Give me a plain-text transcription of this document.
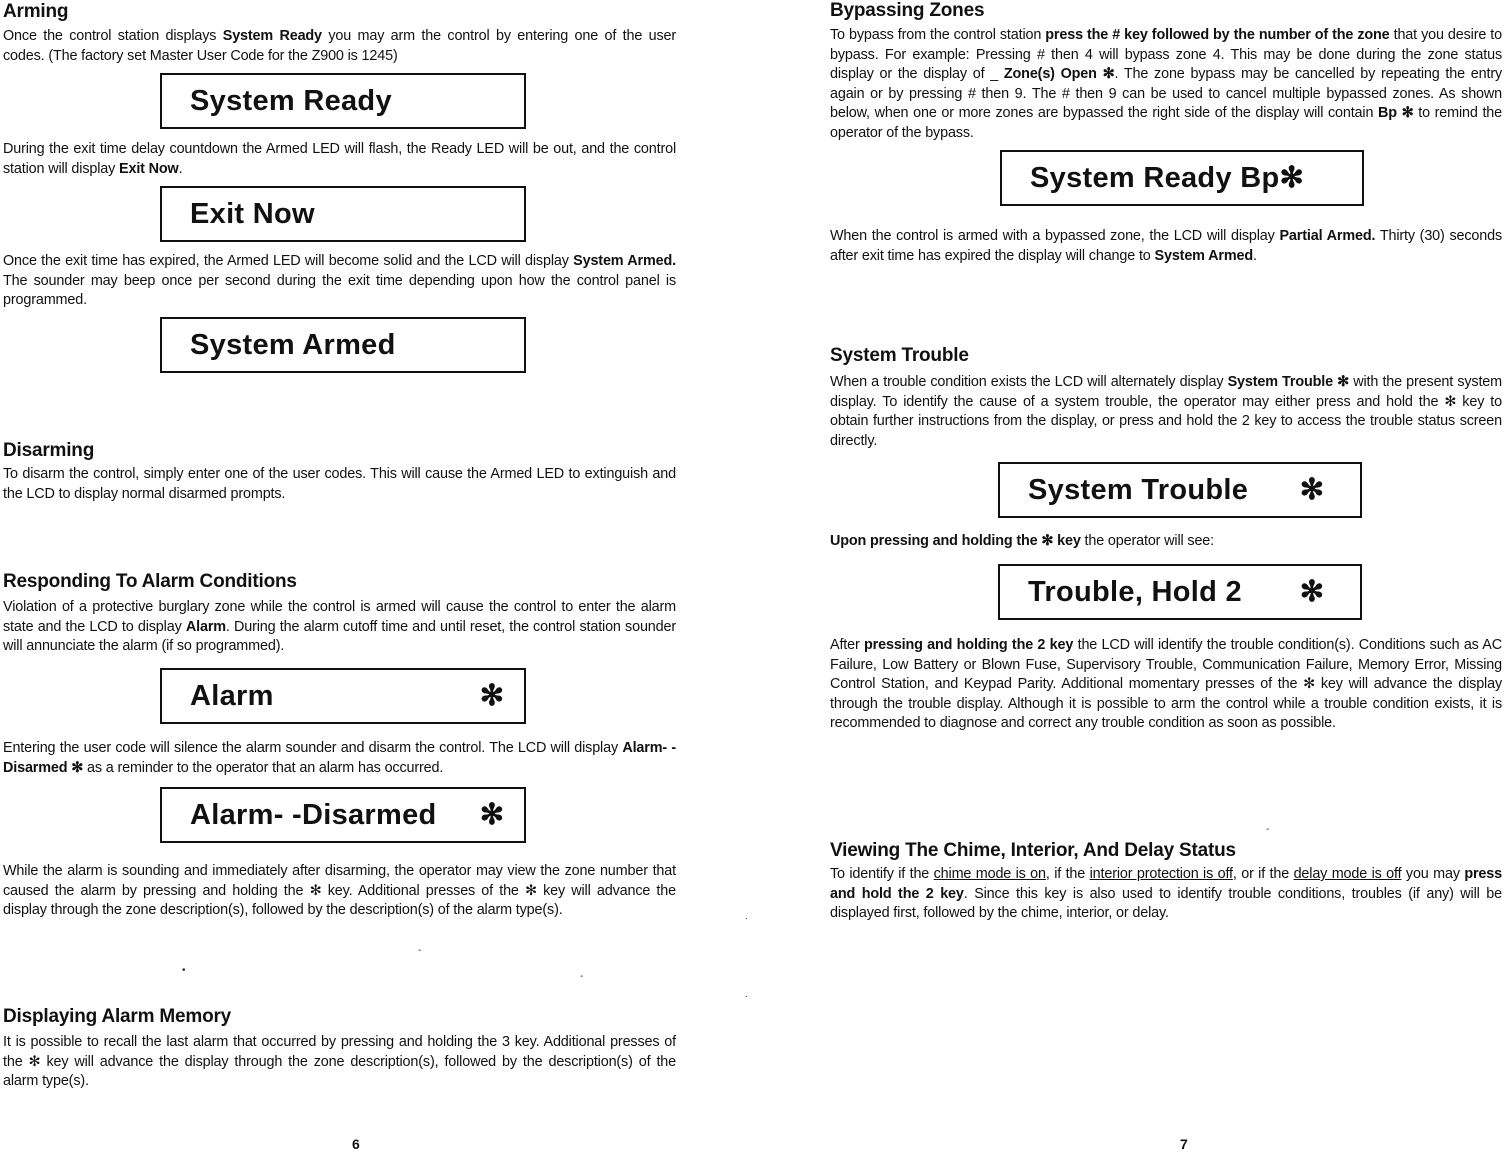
Arming

Once the control station displays System Ready you may arm the control by entering one of the user codes. (The factory set Master User Code for the Z900 is 1245)

System Ready

During the exit time delay countdown the Armed LED will flash, the Ready LED will be out, and the control station will display Exit Now.

Exit Now

Once the exit time has expired, the Armed LED will become solid and the LCD will display System Armed. The sounder may beep once per second during the exit time depending upon how the control panel is programmed.

System Armed
Disarming

To disarm the control, simply enter one of the user codes. This will cause the Armed LED to extinguish and the LCD to display normal disarmed prompts.

Responding To Alarm Conditions

Violation of a protective burglary zone while the control is armed will cause the control to enter the alarm state and the LCD to display Alarm. During the alarm cutoff time and until reset, the control station sounder will annunciate the alarm (if so programmed).

Alarm	✻

Entering the user code will silence the alarm sounder and disarm the control. The LCD will display Alarm- -Disarmed ✻ as a reminder to the operator that an alarm has occurred.

Alarm- -Disarmed ✻

While the alarm is sounding and immediately after disarming, the operator may view the zone number that caused the alarm by pressing and holding the ✻ key. Additional presses of the ✻ key will advance the display through the zone description(s), followed by the description(s) of the alarm type(s).

Displaying Alarm Memory

It is possible to recall the last alarm that occurred by pressing and holding the 3 key. Additional presses of the ✻ key will advance the display through the zone description(s), followed by the description(s) of the alarm type(s).

6
Bypassing Zones

To bypass from the control station press the # key followed by the number of the zone that you desire to bypass. For example: Pressing # then 4 will bypass zone 4. This may be done during the zone status display or the display of _ Zone(s) Open ✻. The zone bypass may be cancelled by repeating the entry again or by pressing # then 9. The # then 9 can be used to cancel multiple bypassed zones. As shown below, when one or more zones are bypassed the right side of the display will contain Bp ✻ to remind the operator of the bypass.

System Ready Bp✻

When the control is armed with a bypassed zone, the LCD will display Partial Armed. Thirty (30) seconds after exit time has expired the display will change to System Armed.

System Trouble

When a trouble condition exists the LCD will alternately display System Trouble ✻ with the present system display. To identify the cause of a system trouble, the operator may either press and hold the ✻ key to obtain further instructions from the display, or press and hold the 2 key to access the trouble status screen directly.

System Trouble ✻

Upon pressing and holding the ✻ key the operator will see:

Trouble, Hold 2 ✻

After pressing and holding the 2 key the LCD will identify the trouble condition(s). Conditions such as AC Failure, Low Battery or Blown Fuse, Supervisory Trouble, Communication Failure, Memory Error, Missing Control Station, and Keypad Parity. Additional momentary presses of the ✻ key will advance the display through the trouble display. Although it is possible to arm the control while a trouble condition exists, it is recommended to diagnose and correct any trouble condition as soon as possible.

Viewing The Chime, Interior, And Delay Status

To identify if the chime mode is on, if the interior protection is off, or if the delay mode is off you may press and hold the 2 key. Since this key is also used to identify trouble conditions, troubles (if any) will be displayed first, followed by the chime, interior, or delay.

7
-
•
-
.
.
-
